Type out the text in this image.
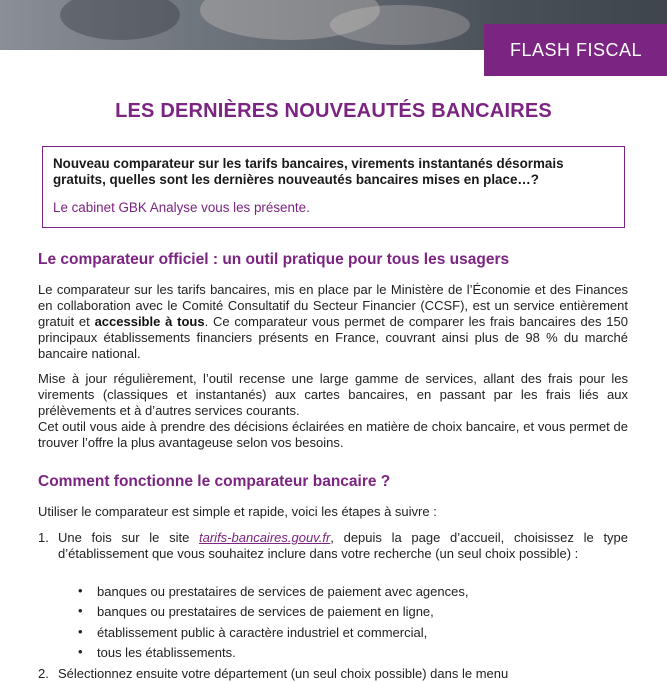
FLASH FISCAL
LES DERNIÈRES NOUVEAUTÉS BANCAIRES

Nouveau comparateur sur les tarifs bancaires, virements instantanés désormais gratuits, quelles sont les dernières nouveautés bancaires mises en place…?

Le cabinet GBK Analyse vous les présente.

Le comparateur officiel : un outil pratique pour tous les usagers

Le comparateur sur les tarifs bancaires, mis en place par le Ministère de l’Économie et des Finances en collaboration avec le Comité Consultatif du Secteur Financier (CCSF), est un service entièrement gratuit et accessible à tous. Ce comparateur vous permet de comparer les frais bancaires des 150 principaux établissements financiers présents en France, couvrant ainsi plus de 98 % du marché bancaire national.

Mise à jour régulièrement, l’outil recense une large gamme de services, allant des frais pour les virements (classiques et instantanés) aux cartes bancaires, en passant par les frais liés aux prélèvements et à d’autres services courants.

Cet outil vous aide à prendre des décisions éclairées en matière de choix bancaire, et vous permet de trouver l’offre la plus avantageuse selon vos besoins.

Comment fonctionne le comparateur bancaire ?

Utiliser le comparateur est simple et rapide, voici les étapes à suivre :

1. Une fois sur le site tarifs-bancaires.gouv.fr, depuis la page d’accueil, choisissez le type d’établissement que vous souhaitez inclure dans votre recherche (un seul choix possible) :
• banques ou prestataires de services de paiement avec agences,
• banques ou prestataires de services de paiement en ligne,
• établissement public à caractère industriel et commercial,
• tous les établissements.
2. Sélectionnez ensuite votre département (un seul choix possible) dans le menu
